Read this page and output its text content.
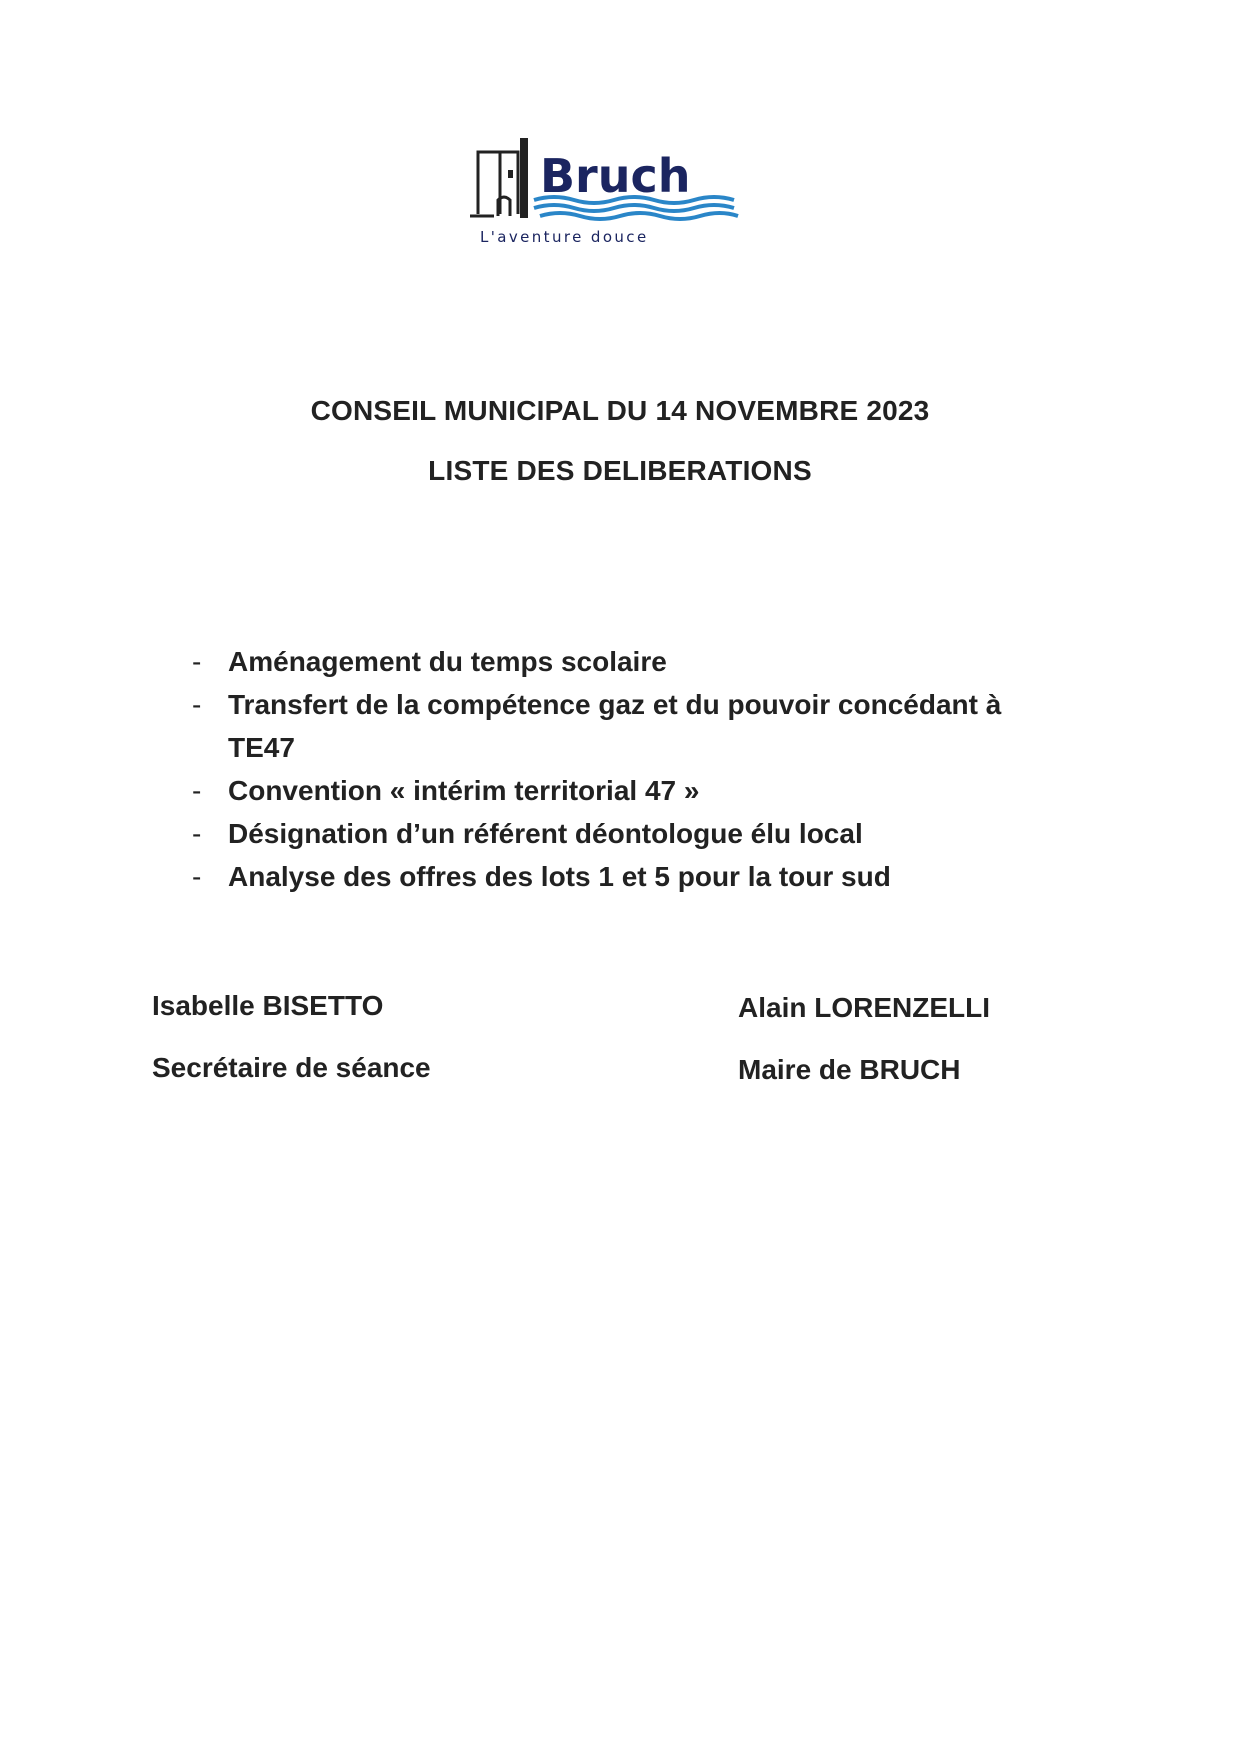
Bruch
L'aventure douce
CONSEIL MUNICIPAL DU 14 NOVEMBRE 2023
LISTE DES DELIBERATIONS
- Aménagement du temps scolaire
- Transfert de la compétence gaz et du pouvoir concédant à
TE47
- Convention « intérim territorial 47 »
- Désignation d’un référent déontologue élu local
- Analyse des offres des lots 1 et 5 pour la tour sud
Isabelle BISETTO
Secrétaire de séance
Alain LORENZELLI
Maire de BRUCH
